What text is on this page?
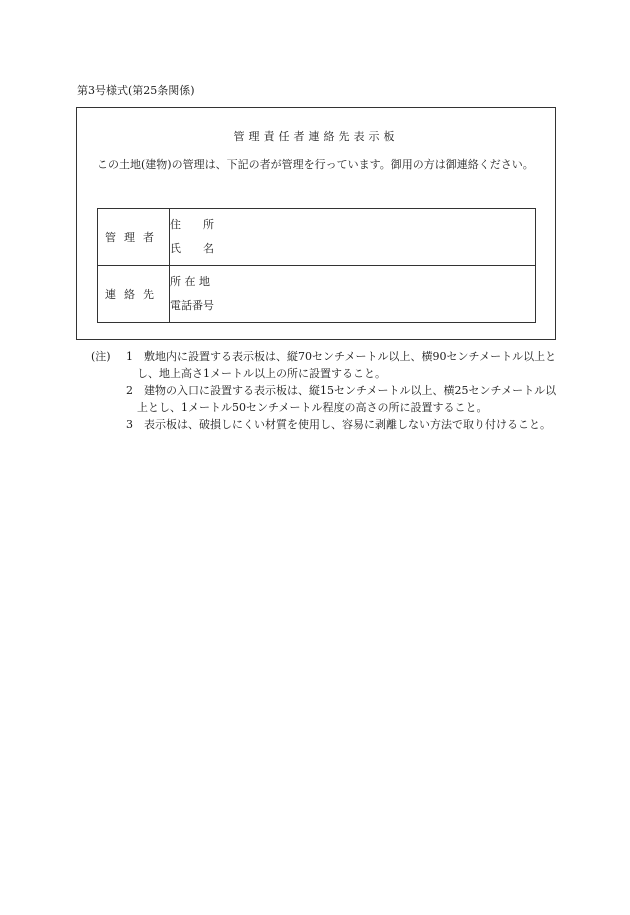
第3号様式(第25条関係)
管理責任者連絡先表示板
この土地(建物)の管理は、下記の者が管理を行っています。御用の方は御連絡ください。
管理者	住　　所
氏　　名

連絡先	所 在 地
電話番号
(注) 1	敷地内に設置する表示板は、縦70センチメートル以上、横90センチメートル以上とし、地上高さ1メートル以上の所に設置すること。
2	建物の入口に設置する表示板は、縦15センチメートル以上、横25センチメートル以上とし、1メートル50センチメートル程度の高さの所に設置すること。
3	表示板は、破損しにくい材質を使用し、容易に剥離しない方法で取り付けること。
